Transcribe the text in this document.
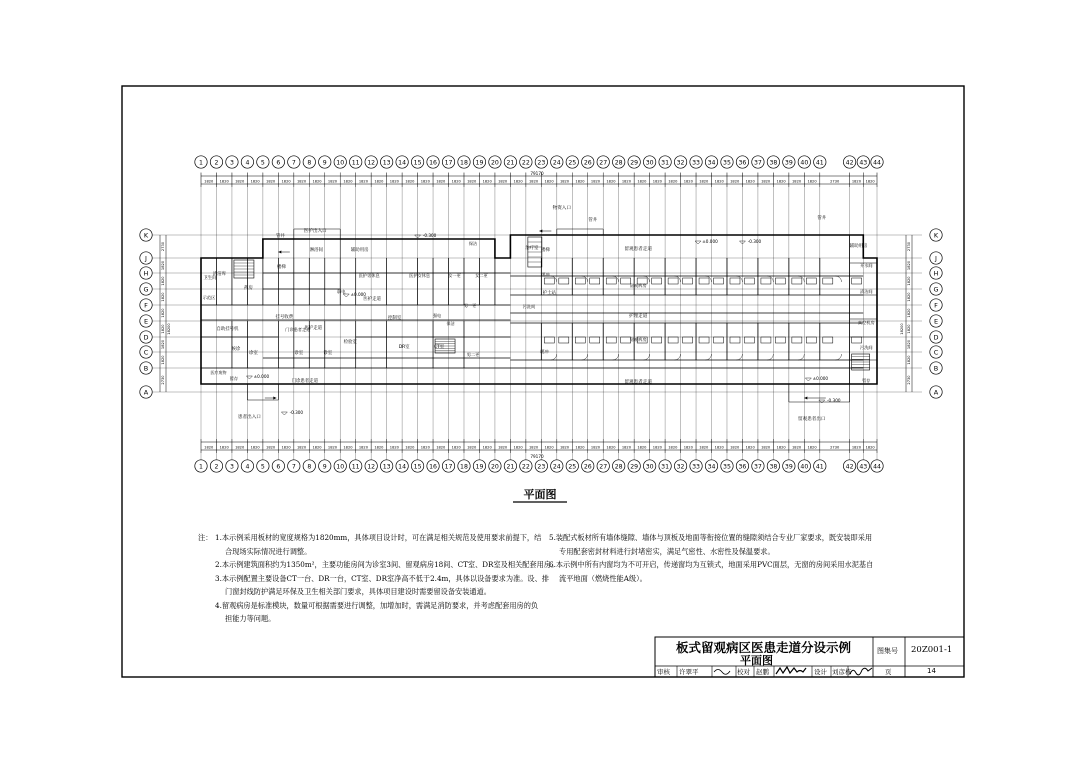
1
1
2
2
3
3
4
4
5
5
6
6
7
7
8
8
9
9
10
10
11
11
12
12
13
13
14
14
15
15
16
16
17
17
18
18
19
19
20
20
21
21
22
22
23
23
24
24
25
25
26
26
27
27
28
28
29
29
30
30
31
31
32
32
33
33
34
34
35
35
36
36
37
37
38
38
39
39
40
40
41
41
42
42
43
43
44
44
K	K
J	J
H	H
G	G
F	F
E	E
D	D
C	C
B	B
A	A
1820 1820 1820 1820 1820 1820 1820 1820 1820 1820 1820 1820 1820 1820 1820 1820 1820 1820 1820 1820 1820 1820 1820 1820 1820 1820 1820 1820 1820 1820 1820 1820 1820 1820 1820 1820 1820 1820 1820 1820	2730	1820 1820
1820 1820 1820 1820 1820 1820 1820 1820 1820 1820 1820 1820 1820 1820 1820 1820 1820 1820 1820 1820 1820 1820 1820 1820 1820 1820 1820 1820 1820 1820 1820 1820 1820 1820 1820 1820 1820 1820 1820 1820	2730	1820 1820
79170
79170
2730
1820
1820
1820
1820
1820
1820
1820
2730
2730
1820
1820
1820
1820
1820
1820
1820
2730
18200	18200
医护出入口
物资入口
患者出入口	留观患者出口
管井
管井	管井
淋浴间
辅助用房
辅助用房
楼梯
楼梯
清洁库
药房
挂号收费
自助挂号机
候诊
诊室	诊室	诊室
医护走道
医护走道
门诊患者走道
门诊患者走道
控制室
DR室	CT室
检验室
护士站
治疗室	留观患者走道
留观患者走道
护理走道
留观病房
留观病房
缓冲
缓冲
污洗间
医护男休息	医护女休息	女一更	女二更
男一更
男二更
保洁
保洁
弱电
强电
示范区
卫生间
开水间
清洁间
真空机房
污洗间
暂存
暂存
医疗废物
-0.300
-0.300
±0.000
-0.300
±0.000
-0.300
±0.000
±0.000
平面图
注： 1.本示例采用板材的宽度规格为1820mm，具体项目设计时，可在满足相关规范及使用要求前提下，结
合现场实际情况进行调整。
2.本示例建筑面积约为1350m²，主要功能房间为诊室3间、留观病房18间、CT室、DR室及相关配套用房。
3.本示例配置主要设备CT一台、DR一台，CT室、DR室净高不低于2.4m，具体以设备要求为准。设、排
门窗封线防护满足环保及卫生相关部门要求，具体项目建设时需要留设备安装通道。
4.留观病房是标准模块，数量可根据需要进行调整，加增加时，需满足消防要求，并考虑配套用房的负
担能力等问题。
5.装配式板材所有墙体缝隙、墙体与顶板及地面等衔接位置的缝隙须结合专业厂家要求，既安装即采用
专用配套密封材料进行封堵密实，满足气密性、水密性及保温要求。
6.本示例中所有内窗均为不可开启，传递窗均为互锁式，地面采用PVC面层，无窗的房间采用水泥基自
流平地面（燃烧性能A级）。
板式留观病区医患走道分设示例
平面图
图集号 20Z001-1
审核 许翠平	校对 赵鹏	设计 刘彦栋	页	14
